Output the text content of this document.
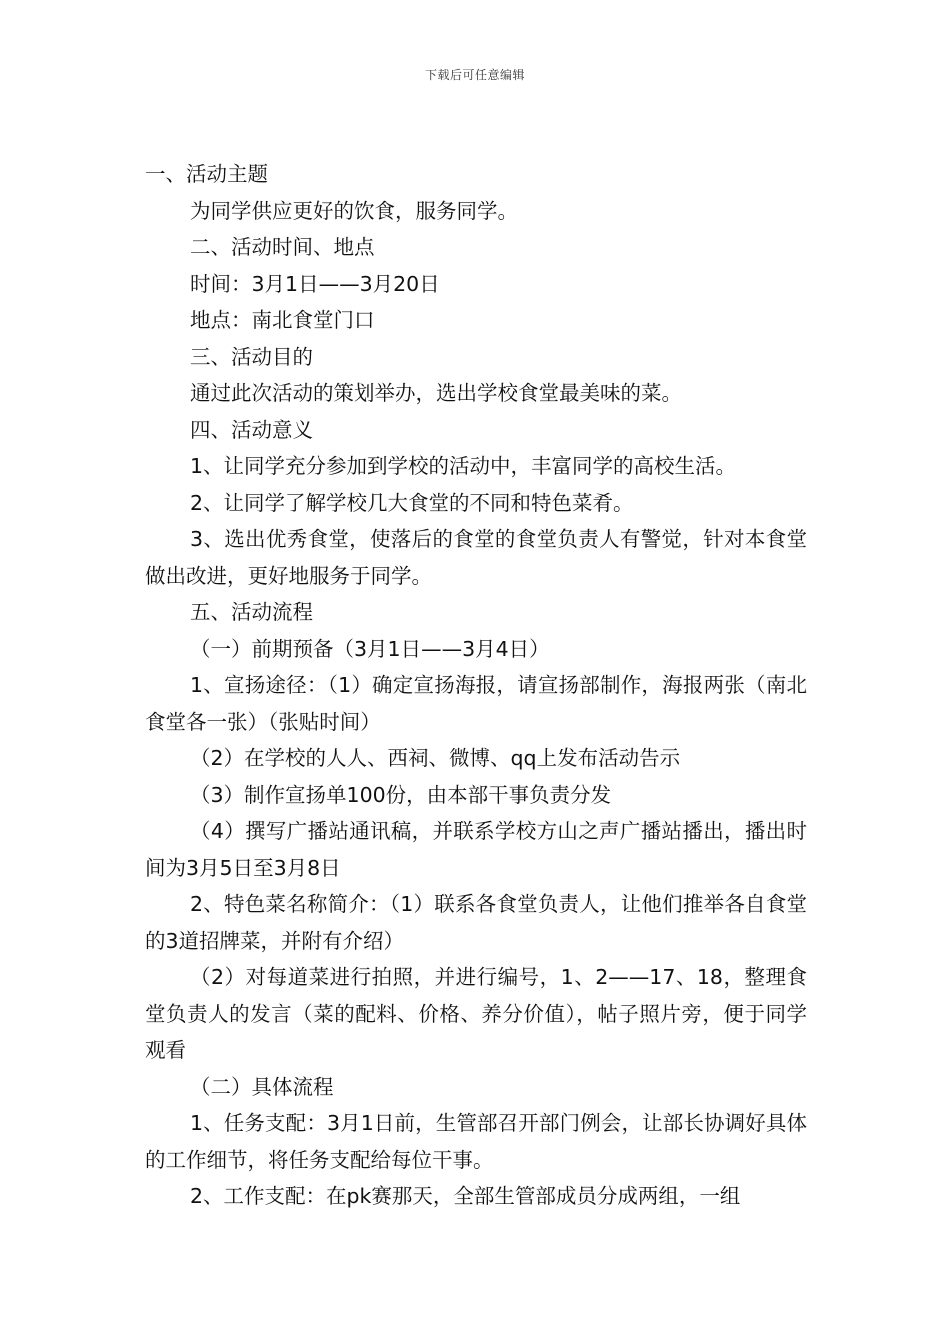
下载后可任意编辑

一、活动主题

为同学供应更好的饮食，服务同学。

二、活动时间、地点

时间：3月1日——3月20日

地点：南北食堂门口

三、活动目的

通过此次活动的策划举办，选出学校食堂最美味的菜。

四、活动意义

1、让同学充分参加到学校的活动中，丰富同学的高校生活。

2、让同学了解学校几大食堂的不同和特色菜肴。

3、选出优秀食堂，使落后的食堂的食堂负责人有警觉，针对本食堂做出改进，更好地服务于同学。

五、活动流程

（一）前期预备（3月1日——3月4日）

1、宣扬途径：（1）确定宣扬海报，请宣扬部制作，海报两张（南北食堂各一张）（张贴时间）

（2）在学校的人人、西祠、微博、qq上发布活动告示

（3）制作宣扬单100份，由本部干事负责分发

（4）撰写广播站通讯稿，并联系学校方山之声广播站播出，播出时间为3月5日至3月8日

2、特色菜名称简介：（1）联系各食堂负责人，让他们推举各自食堂的3道招牌菜，并附有介绍）

（2）对每道菜进行拍照，并进行编号，1、2——17、18，整理食堂负责人的发言（菜的配料、价格、养分价值），帖子照片旁，便于同学观看

（二）具体流程

1、任务支配：3月1日前，生管部召开部门例会，让部长协调好具体的工作细节，将任务支配给每位干事。

2、工作支配：在pk赛那天，全部生管部成员分成两组，一组
